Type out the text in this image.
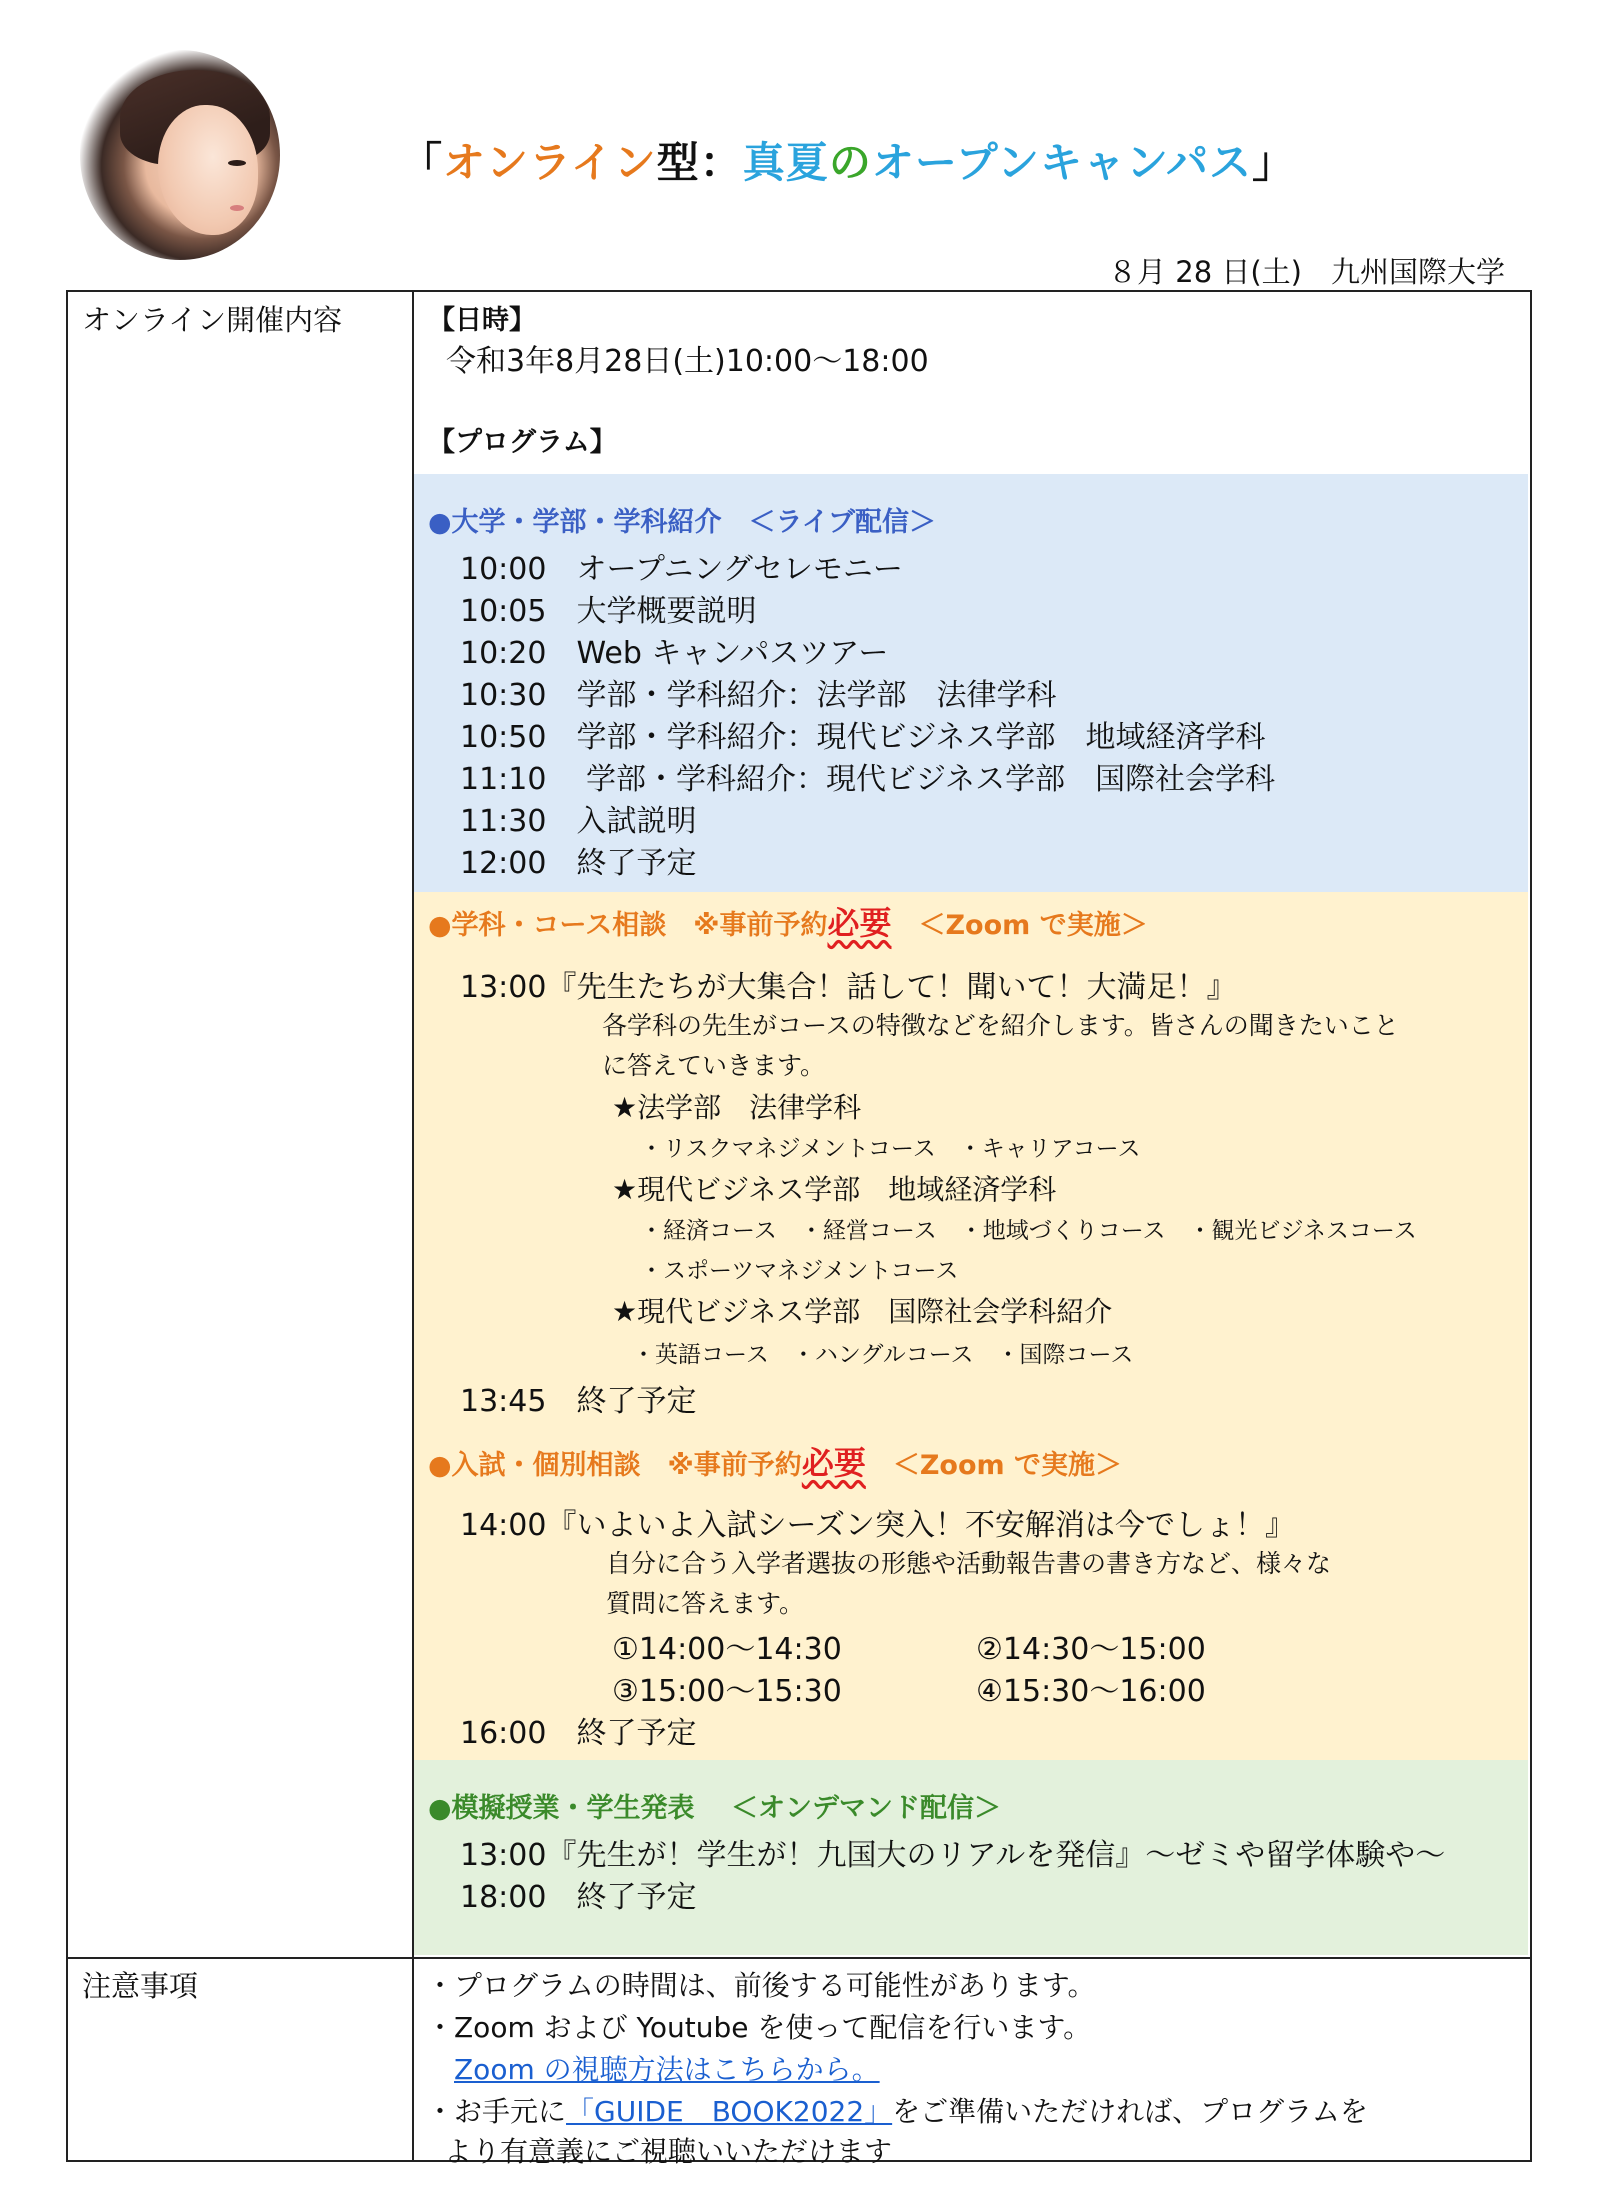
「オンライン型：真夏のオープンキャンパス」
８月 28 日(土)　九州国際大学
オンライン開催内容
注意事項
【日時】
令和3年8月28日(土)10:00～18:00
【プログラム】
●大学・学部・学科紹介　＜ライブ配信＞
10:00　オープニングセレモニー
10:05　大学概要説明
10:20　Web キャンパスツアー
10:30　学部・学科紹介：法学部　法律学科
10:50　学部・学科紹介：現代ビジネス学部　地域経済学科
11:10　 学部・学科紹介：現代ビジネス学部　国際社会学科
11:30　入試説明
12:00　終了予定
●学科・コース相談　※事前予約必要　＜Zoom で実施＞
13:00『先生たちが大集合！話して！聞いて！大満足！』
各学科の先生がコースの特徴などを紹介します。皆さんの聞きたいこと
に答えていきます。
★法学部　法律学科
・リスクマネジメントコース　・キャリアコース
★現代ビジネス学部　地域経済学科
・経済コース　・経営コース　・地域づくりコース　・観光ビジネスコース
・スポーツマネジメントコース
★現代ビジネス学部　国際社会学科紹介
・英語コース　・ハングルコース　・国際コース
13:45　終了予定
●入試・個別相談　※事前予約必要　＜Zoom で実施＞
14:00『いよいよ入試シーズン突入！不安解消は今でしょ！』
自分に合う入学者選抜の形態や活動報告書の書き方など、様々な
質問に答えます。
①14:00～14:30	②14:30～15:00
③15:00～15:30	④15:30～16:00
16:00　終了予定
●模擬授業・学生発表　 ＜オンデマンド配信＞
13:00『先生が！学生が！九国大のリアルを発信』～ゼミや留学体験や～
18:00　終了予定
・プログラムの時間は、前後する可能性があります。
・Zoom および Youtube を使って配信を行います。
Zoom の視聴方法はこちらから。
・お手元に「GUIDE　BOOK2022」をご準備いただければ、プログラムを
より有意義にご視聴いいただけます
